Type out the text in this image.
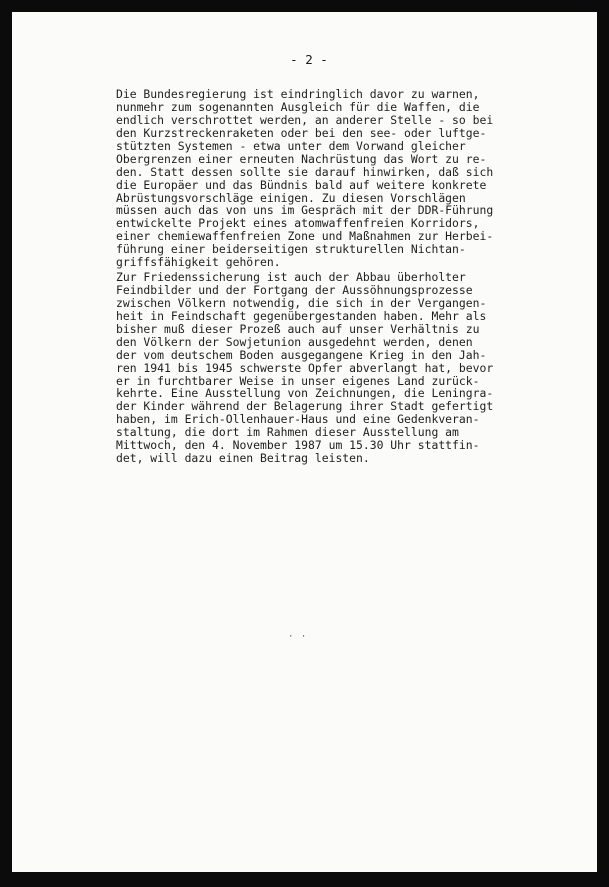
- 2 -
Die Bundesregierung ist eindringlich davor zu warnen,
nunmehr zum sogenannten Ausgleich für die Waffen, die
endlich verschrottet werden, an anderer Stelle - so bei
den Kurzstreckenraketen oder bei den see- oder luftge-
stützten Systemen - etwa unter dem Vorwand gleicher
Obergrenzen einer erneuten Nachrüstung das Wort zu re-
den. Statt dessen sollte sie darauf hinwirken, daß sich
die Europäer und das Bündnis bald auf weitere konkrete
Abrüstungsvorschläge einigen. Zu diesen Vorschlägen
müssen auch das von uns im Gespräch mit der DDR-Führung
entwickelte Projekt eines atomwaffenfreien Korridors,
einer chemiewaffenfreien Zone und Maßnahmen zur Herbei-
führung einer beiderseitigen strukturellen Nichtan-
griffsfähigkeit gehören.
Zur Friedenssicherung ist auch der Abbau überholter
Feindbilder und der Fortgang der Aussöhnungsprozesse
zwischen Völkern notwendig, die sich in der Vergangen-
heit in Feindschaft gegenübergestanden haben. Mehr als
bisher muß dieser Prozeß auch auf unser Verhältnis zu
den Völkern der Sowjetunion ausgedehnt werden, denen
der vom deutschem Boden ausgegangene Krieg in den Jah-
ren 1941 bis 1945 schwerste Opfer abverlangt hat, bevor
er in furchtbarer Weise in unser eigenes Land zurück-
kehrte. Eine Ausstellung von Zeichnungen, die Leningra-
der Kinder während der Belagerung ihrer Stadt gefertigt
haben, im Erich-Ollenhauer-Haus und eine Gedenkveran-
staltung, die dort im Rahmen dieser Ausstellung am
Mittwoch, den 4. November 1987 um 15.30 Uhr stattfin-
det, will dazu einen Beitrag leisten.
· ·
